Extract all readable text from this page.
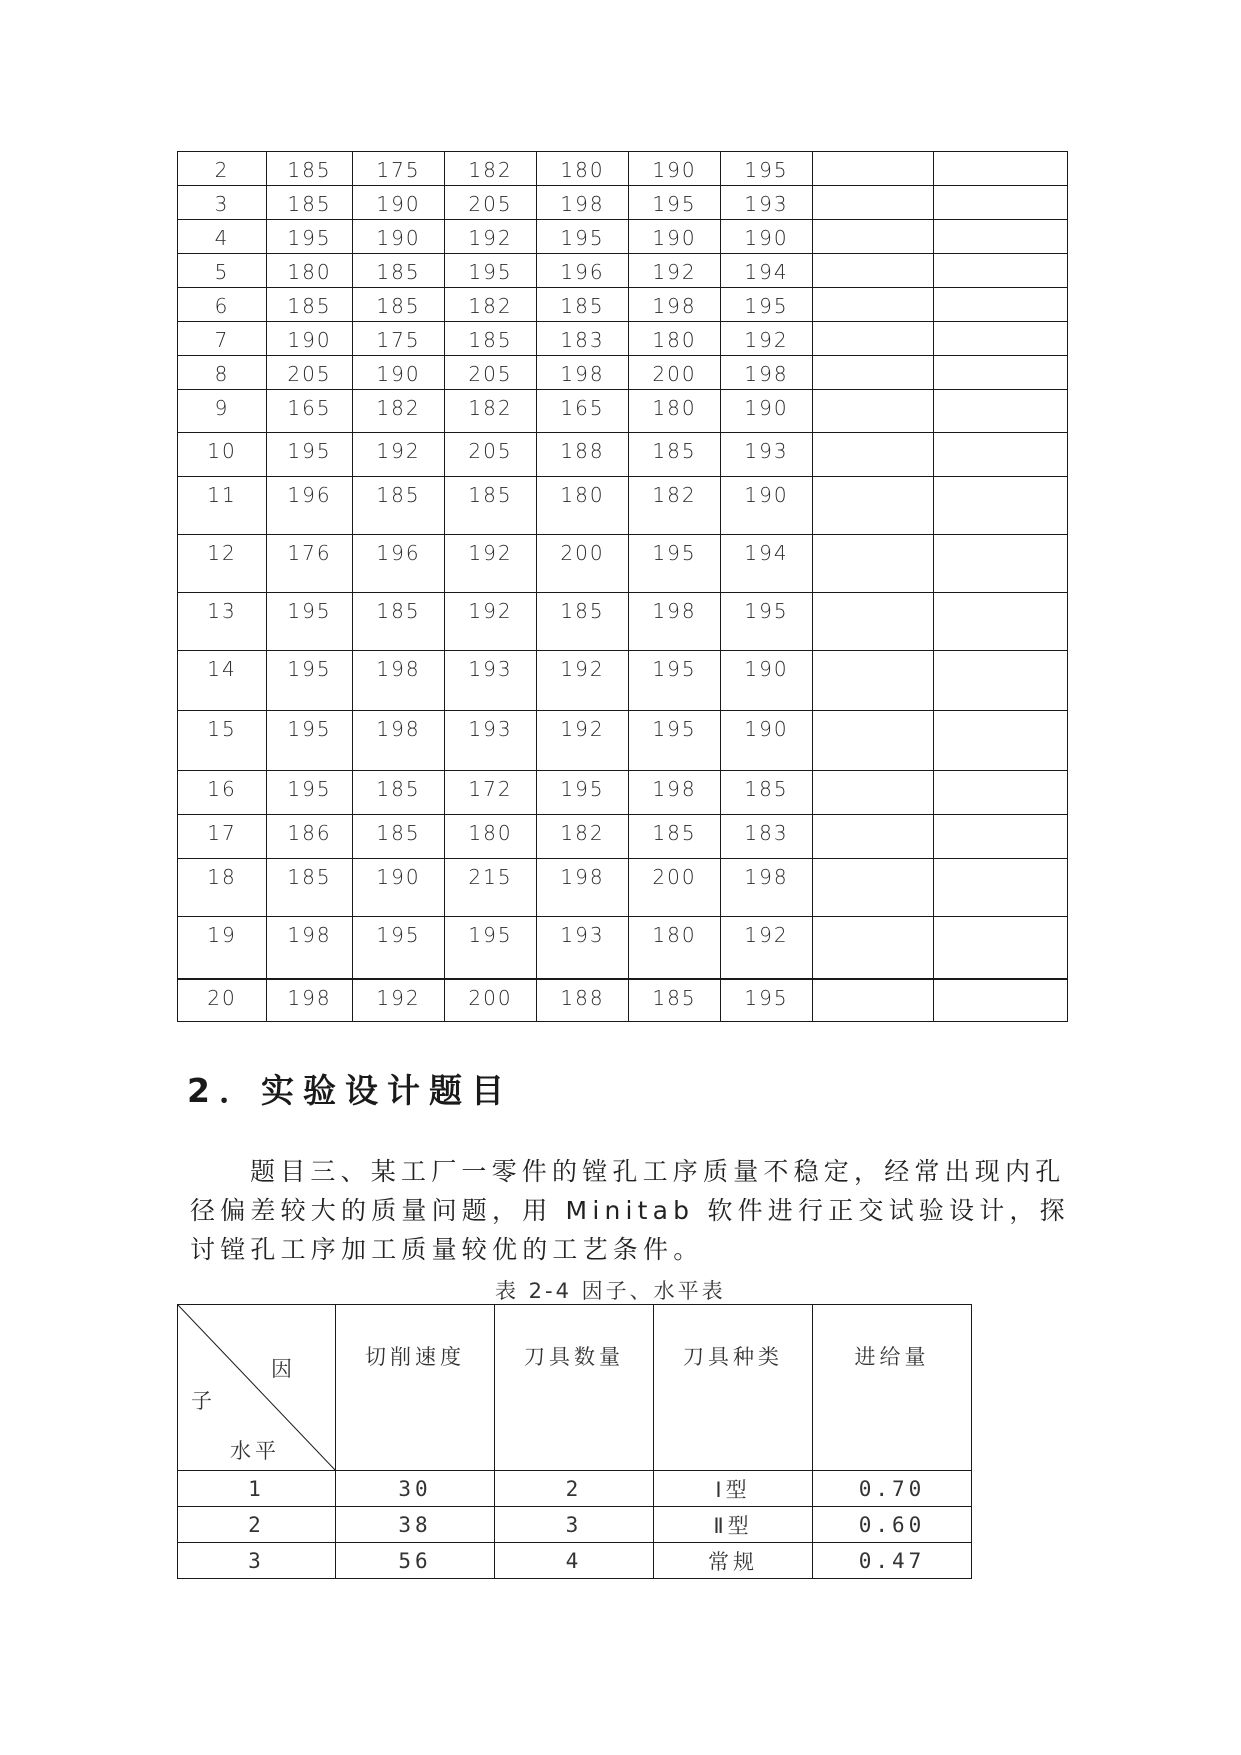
2	185	175	182	180	190	195		
3	185	190	205	198	195	193		
4	195	190	192	195	190	190		
5	180	185	195	196	192	194		
6	185	185	182	185	198	195		
7	190	175	185	183	180	192		
8	205	190	205	198	200	198		
9	165	182	182	165	180	190		
10	195	192	205	188	185	193		
11	196	185	185	180	182	190		
12	176	196	192	200	195	194		
13	195	185	192	185	198	195		
14	195	198	193	192	195	190		
15	195	198	193	192	195	190		
16	195	185	172	195	198	185		
17	186	185	180	182	185	183		
18	185	190	215	198	200	198		
19	198	195	195	193	180	192		
20	198	192	200	188	185	195		
2．实验设计题目

题目三、某工厂一零件的镗孔工序质量不稳定，经常出现内孔径偏差较大的质量问题，用 Minitab 软件进行正交试验设计，探讨镗孔工序加工质量较优的工艺条件。

表 2-4 因子、水平表
因
子
水平	切削速度	刀具数量	刀具种类	进给量
1	30	2	Ⅰ型	0.70
2	38	3	Ⅱ型	0.60
3	56	4	常规	0.47
